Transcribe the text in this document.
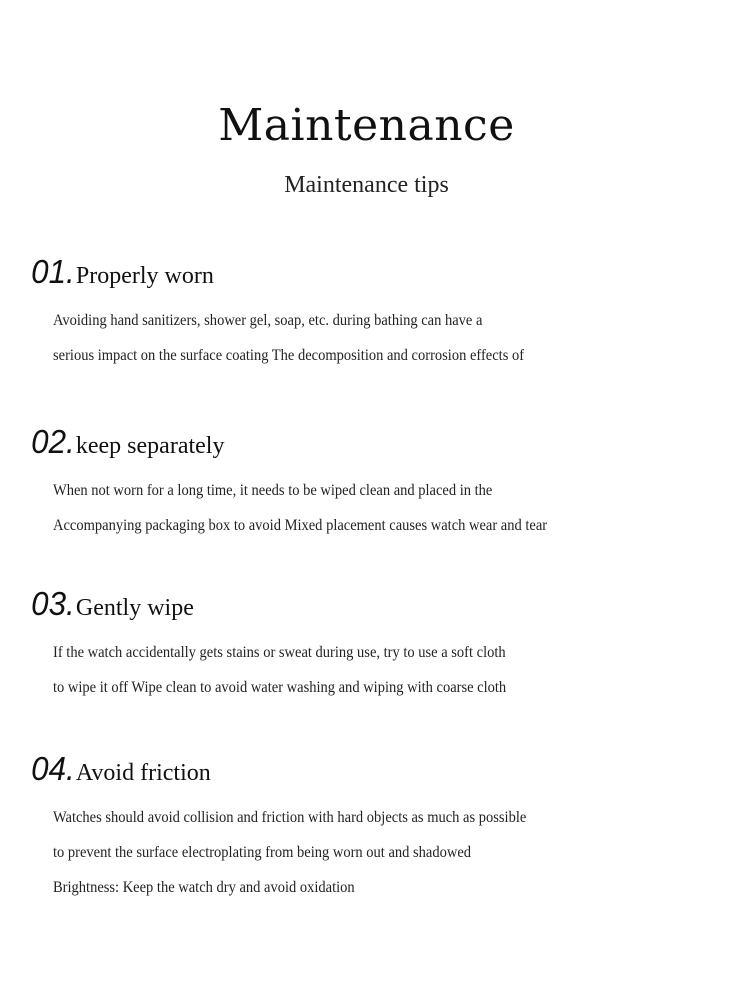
Maintenance
Maintenance tips
01.Properly worn
Avoiding hand sanitizers, shower gel, soap, etc. during bathing can have a
serious impact on the surface coating The decomposition and corrosion effects of
02.keep separately
When not worn for a long time, it needs to be wiped clean and placed in the
Accompanying packaging box to avoid Mixed placement causes watch wear and tear
03.Gently wipe
If the watch accidentally gets stains or sweat during use, try to use a soft cloth
to wipe it off Wipe clean to avoid water washing and wiping with coarse cloth
04.Avoid friction
Watches should avoid collision and friction with hard objects as much as possible
to prevent the surface electroplating from being worn out and shadowed
Brightness: Keep the watch dry and avoid oxidation
